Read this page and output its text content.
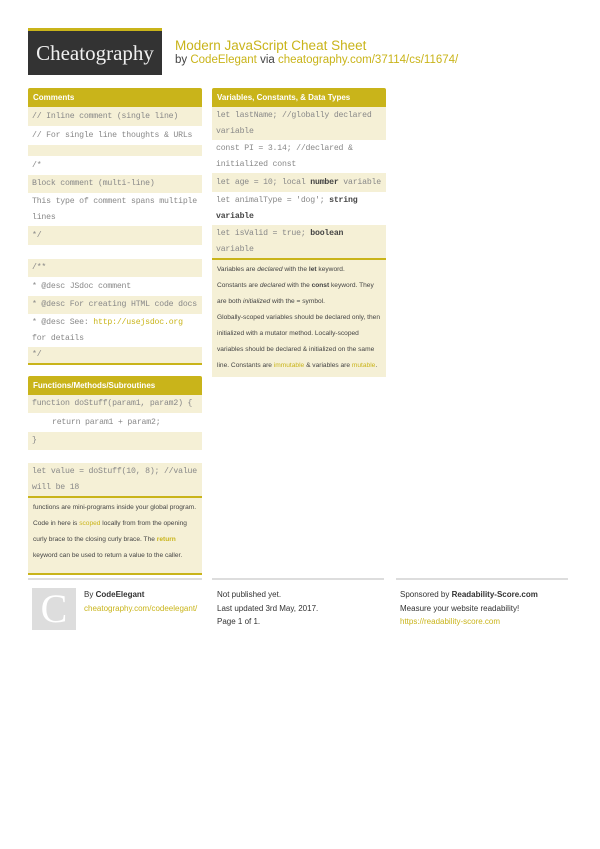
Cheatography	Modern JavaScript Cheat Sheet
by CodeElegant via cheatography.com/37114/cs/11674/
Comments
// Inline comment (single line)
// For single line thoughts & URLs
/*
Block comment (multi-line)
This type of comment spans multiple lines
*/
/**
* @desc JSdoc comment
* @desc For creating HTML code docs
* @desc See: http://usejsdoc.org
for details
*/
Functions/Methods/Subroutines
function doStuff(param1, param2) {
return param1 + param2;
}
let value = doStuff(10, 8); //value will be 18
functions are mini-programs inside your global program. Code in here is scoped locally from from the opening curly brace to the closing curly brace. The return keyword can be used to return a value to the caller.
Variables, Constants, & Data Types
let lastName; //globally declared variable
const PI = 3.14; //declared & initialized const
let age = 10; local number variable
let animalType = 'dog'; string variable
let isValid = true; boolean variable
Variables are declared with the let keyword.
Constants are declared with the const keyword. They are both initialized with the = symbol.
Globally-scoped variables should be declared only, then initialized with a mutator method. Locally-scoped variables should be declared & initialized on the same line. Constants are immutable & variables are mutable.
C	By CodeElegant
cheatography.com/codeelegant/
Not published yet.
Last updated 3rd May, 2017.
Page 1 of 1.
Sponsored by Readability-Score.com
Measure your website readability!
https://readability-score.com
